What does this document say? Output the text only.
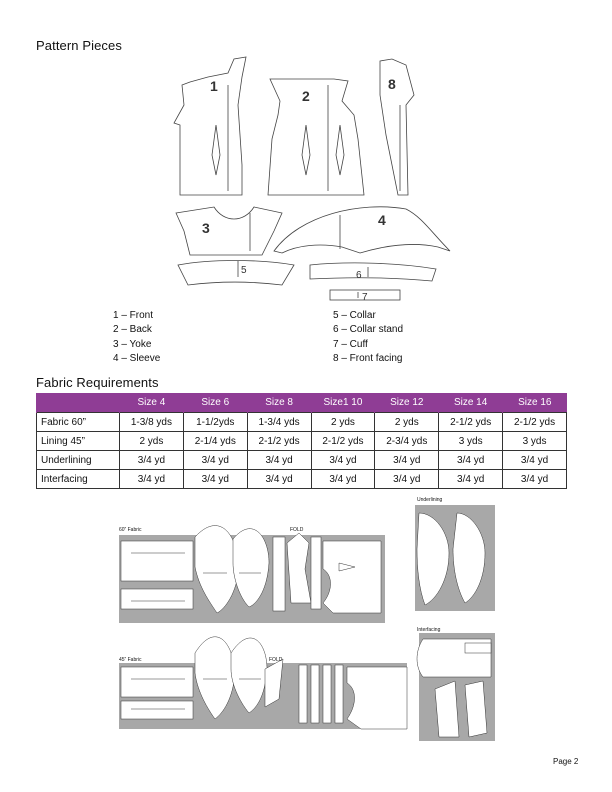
Pattern Pieces
1
2
3	4
8
5	6
7
1 – Front
2 – Back
3 – Yoke
4 – Sleeve
5 – Collar
6 – Collar stand
7 – Cuff
8 – Front facing
Fabric Requirements
	Size 4	Size 6	Size 8	Size1 10	Size 12	Size 14	Size 16
Fabric 60”	1-3/8 yds	1-1/2yds	1-3/4 yds	2 yds	2 yds	2-1/2 yds	2-1/2 yds
Lining 45”	2 yds	2-1/4 yds	2-1/2 yds	2-1/2 yds	2-3/4 yds	3 yds	3 yds
Underlining	3/4 yd	3/4 yd	3/4 yd	3/4 yd	3/4 yd	3/4 yd	3/4 yd
Interfacing	3/4 yd	3/4 yd	3/4 yd	3/4 yd	3/4 yd	3/4 yd	3/4 yd
60” Fabric	FOLD
45” Fabric	FOLD
Underlining
Interfacing
Page 2
